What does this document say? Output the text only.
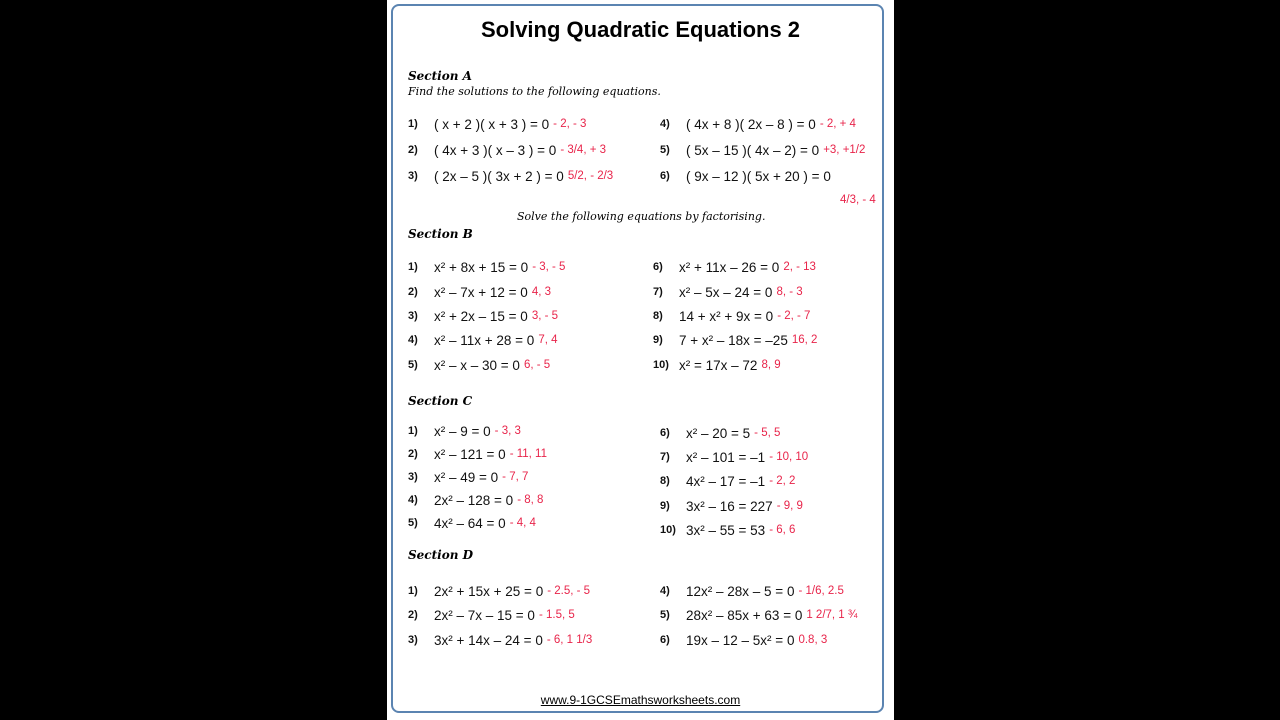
Solving Quadratic Equations 2
Section A
Find the solutions to the following equations.
1)	( x + 2 )( x + 3 ) = 0 - 2, - 3
2)	( 4x + 3 )( x – 3 ) = 0 - 3/4, + 3
3)	( 2x – 5 )( 3x + 2 ) = 0 5/2, - 2/3
4)	( 4x + 8 )( 2x – 8 ) = 0 - 2, + 4
5)	( 5x – 15 )( 4x – 2) = 0 +3, +1/2
6)	( 9x – 12 )( 5x + 20 ) = 0
4/3, - 4
Solve the following equations by factorising.
Section B
1)	x² + 8x + 15 = 0 - 3, - 5
2)	x² – 7x + 12 = 0 4, 3
3)	x² + 2x – 15 = 0 3, - 5
4)	x² – 11x + 28 = 0 7, 4
5)	x² – x – 30 = 0 6, - 5
6)	x² + 11x – 26 = 0 2, - 13
7)	x² – 5x – 24 = 0 8, - 3
8)	14 + x² + 9x = 0 - 2, - 7
9)	7 + x² – 18x = –25 16, 2
10) x² = 17x – 72 8, 9
Section C
1)	x² – 9 = 0 - 3, 3
2)	x² – 121 = 0 - 11, 11
3)	x² – 49 = 0 - 7, 7
4)	2x² – 128 = 0 - 8, 8
5)	4x² – 64 = 0 - 4, 4
6)	x² – 20 = 5 - 5, 5
7)	x² – 101 = –1 - 10, 10
8)	4x² – 17 = –1 - 2, 2
9)	3x² – 16 = 227 - 9, 9
10) 3x² – 55 = 53 - 6, 6
Section D
1)	2x² + 15x + 25 = 0 - 2.5, - 5
2)	2x² – 7x – 15 = 0 - 1.5, 5
3)	3x² + 14x – 24 = 0 - 6, 1 1/3
4)	12x² – 28x – 5 = 0 - 1/6, 2.5
5)	28x² – 85x + 63 = 0 1 2/7, 1 ¾
6)	19x – 12 – 5x² = 0 0.8, 3
www.9-1GCSEmathsworksheets.com
